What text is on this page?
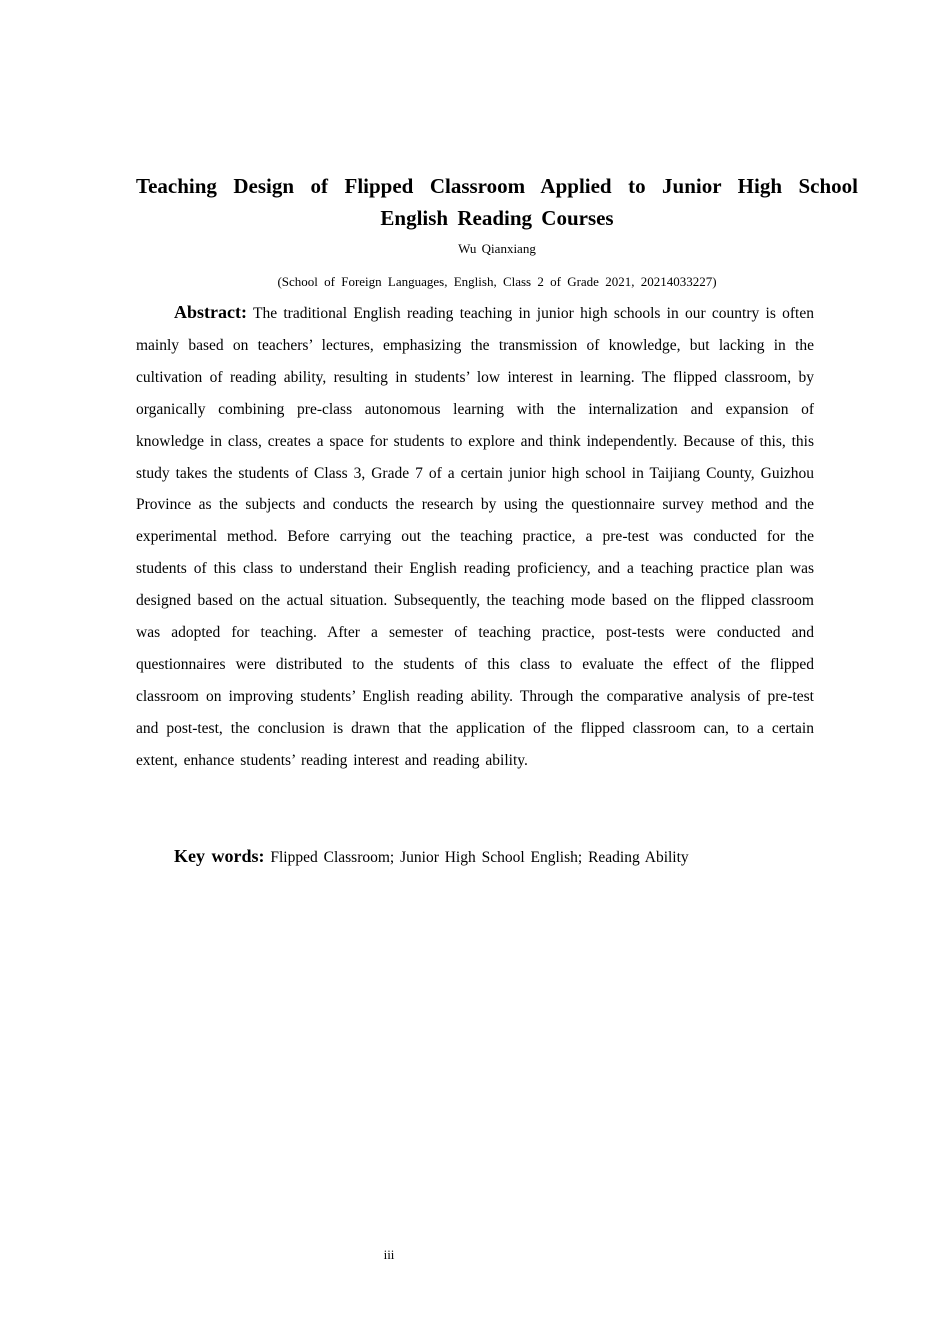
Teaching Design of Flipped Classroom Applied to Junior High School English Reading Courses

Wu Qianxiang

(School of Foreign Languages, English, Class 2 of Grade 2021, 20214033227)

Abstract: The traditional English reading teaching in junior high schools in our country is often mainly based on teachers’ lectures, emphasizing the transmission of knowledge, but lacking in the cultivation of reading ability, resulting in students’ low interest in learning. The flipped classroom, by organically combining pre-class autonomous learning with the internalization and expansion of knowledge in class, creates a space for students to explore and think independently. Because of this, this study takes the students of Class 3, Grade 7 of a certain junior high school in Taijiang County, Guizhou Province as the subjects and conducts the research by using the questionnaire survey method and the experimental method. Before carrying out the teaching practice, a pre-test was conducted for the students of this class to understand their English reading proficiency, and a teaching practice plan was designed based on the actual situation. Subsequently, the teaching mode based on the flipped classroom was adopted for teaching. After a semester of teaching practice, post-tests were conducted and questionnaires were distributed to the students of this class to evaluate the effect of the flipped classroom on improving students’ English reading ability. Through the comparative analysis of pre-test and post-test, the conclusion is drawn that the application of the flipped classroom can, to a certain extent, enhance students’ reading interest and reading ability.

Key words: Flipped Classroom; Junior High School English; Reading Ability

iii
